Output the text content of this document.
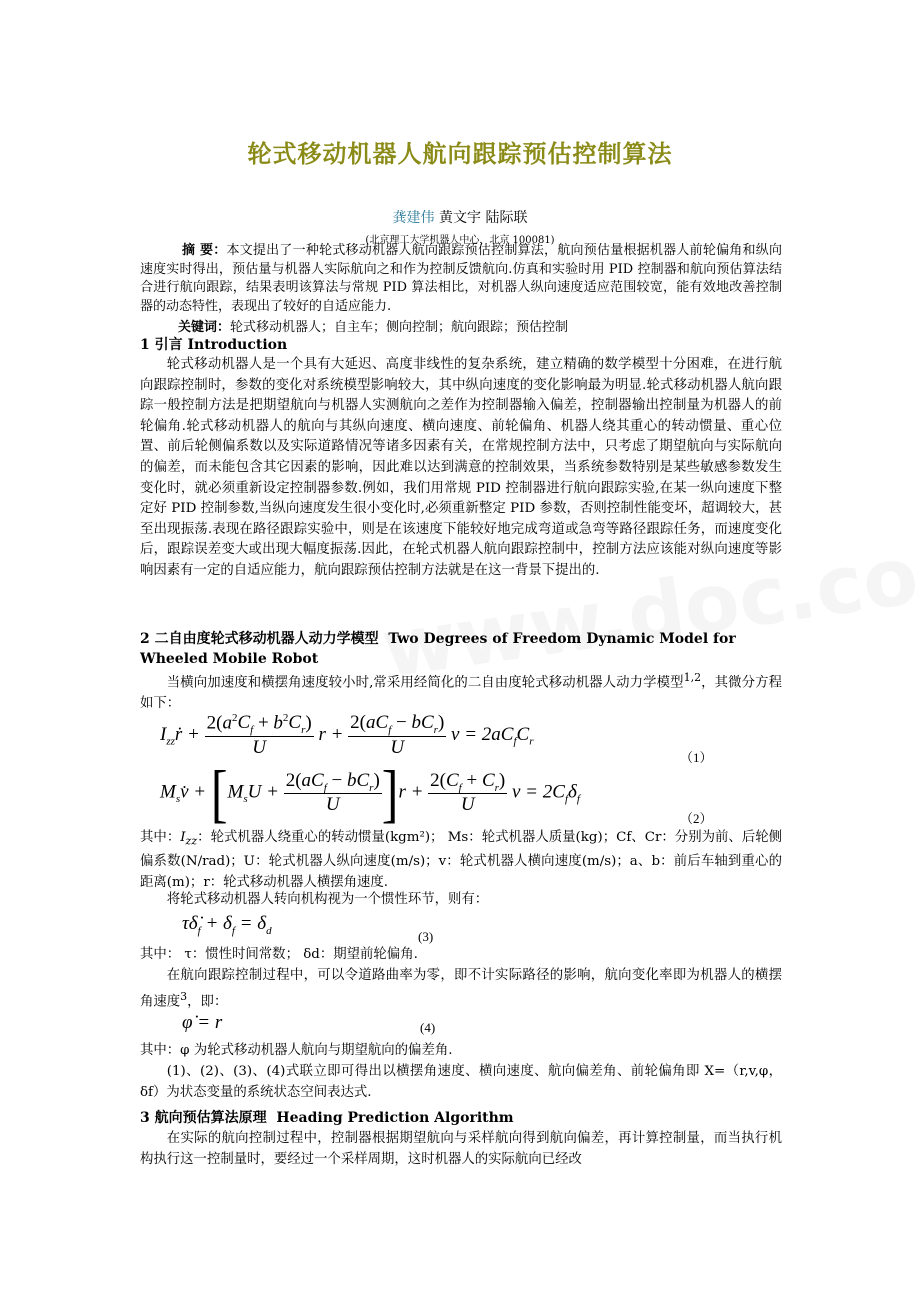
轮式移动机器人航向跟踪预估控制算法
龚建伟 黄文宇 陆际联
(北京理工大学机器人中心，北京 100081)

摘 要：本文提出了一种轮式移动机器人航向跟踪预估控制算法，航向预估量根据机器人前轮偏角和纵向速度实时得出，预估量与机器人实际航向之和作为控制反馈航向.仿真和实验时用 PID 控制器和航向预估算法结合进行航向跟踪，结果表明该算法与常规 PID 算法相比，对机器人纵向速度适应范围较宽，能有效地改善控制器的动态特性，表现出了较好的自适应能力.

关键词：轮式移动机器人；自主车；侧向控制；航向跟踪；预估控制
1 引言 Introduction

轮式移动机器人是一个具有大延迟、高度非线性的复杂系统，建立精确的数学模型十分困难，在进行航向跟踪控制时，参数的变化对系统模型影响较大，其中纵向速度的变化影响最为明显.轮式移动机器人航向跟踪一般控制方法是把期望航向与机器人实测航向之差作为控制器输入偏差，控制器输出控制量为机器人的前轮偏角.轮式移动机器人的航向与其纵向速度、横向速度、前轮偏角、机器人绕其重心的转动惯量、重心位置、前后轮侧偏系数以及实际道路情况等诸多因素有关，在常规控制方法中，只考虑了期望航向与实际航向的偏差，而未能包含其它因素的影响，因此难以达到满意的控制效果，当系统参数特别是某些敏感参数发生变化时，就必须重新设定控制器参数.例如，我们用常规 PID 控制器进行航向跟踪实验,在某一纵向速度下整定好 PID 控制参数,当纵向速度发生很小变化时,必须重新整定 PID 参数，否则控制性能变坏，超调较大，甚至出现振荡.表现在路径跟踪实验中，则是在该速度下能较好地完成弯道或急弯等路径跟踪任务，而速度变化后，跟踪误差变大或出现大幅度振荡.因此，在轮式机器人航向跟踪控制中，控制方法应该能对纵向速度等影响因素有一定的自适应能力，航向跟踪预估控制方法就是在这一背景下提出的.

2 二自由度轮式移动机器人动力学模型 Two Degrees of Freedom Dynamic Model for Wheeled Mobile Robot

当横向加速度和横摆角速度较小时,常采用经简化的二自由度轮式移动机器人动力学模型$^{1,2}$，其微分方程如下：

$I_{zz}ṙ + \frac{2(a^2C_f + b^2C_r)}{U}$ $r + \frac{2(aC_f - bC_r)}{U}$ $v = 2aC_fC_r$
（1）
$M_sv̇ + [M_sU + \frac{2(aC_f - bC_r)}{U} ]r + \frac{2(C_f + C_r)}{U}$ $v = 2C_f\delta_f$
（2）

其中：$I_{zz}$：轮式机器人绕重心的转动惯量(kgm²)； Ms：轮式机器人质量(kg)；Cf、Cr：分别为前、后轮侧偏系数(N/rad)；U：轮式机器人纵向速度(m/s)；v：轮式机器人横向速度(m/s)；a、b：前后车轴到重心的距离(m)；r：轮式移动机器人横摆角速度.

将轮式移动机器人转向机构视为一个惯性环节，则有：

$\tau\deltȧ_f + \delta_f = \delta_d$	(3)

其中： τ：惯性时间常数； δd：期望前轮偏角.

在航向跟踪控制过程中，可以令道路曲率为零，即不计实际路径的影响，航向变化率即为机器人的横摆角速度$^3$，即：

φ̇ = r	(4)

其中：φ 为轮式移动机器人航向与期望航向的偏差角.

(1)、(2)、(3)、(4)式联立即可得出以横摆角速度、横向速度、航向偏差角、前轮偏角即 X=（r,v,φ，δf）为状态变量的系统状态空间表达式.

3 航向预估算法原理 Heading Prediction Algorithm

在实际的航向控制过程中，控制器根据期望航向与采样航向得到航向偏差，再计算控制量，而当执行机构执行这一控制量时，要经过一个采样周期，这时机器人的实际航向已经改
